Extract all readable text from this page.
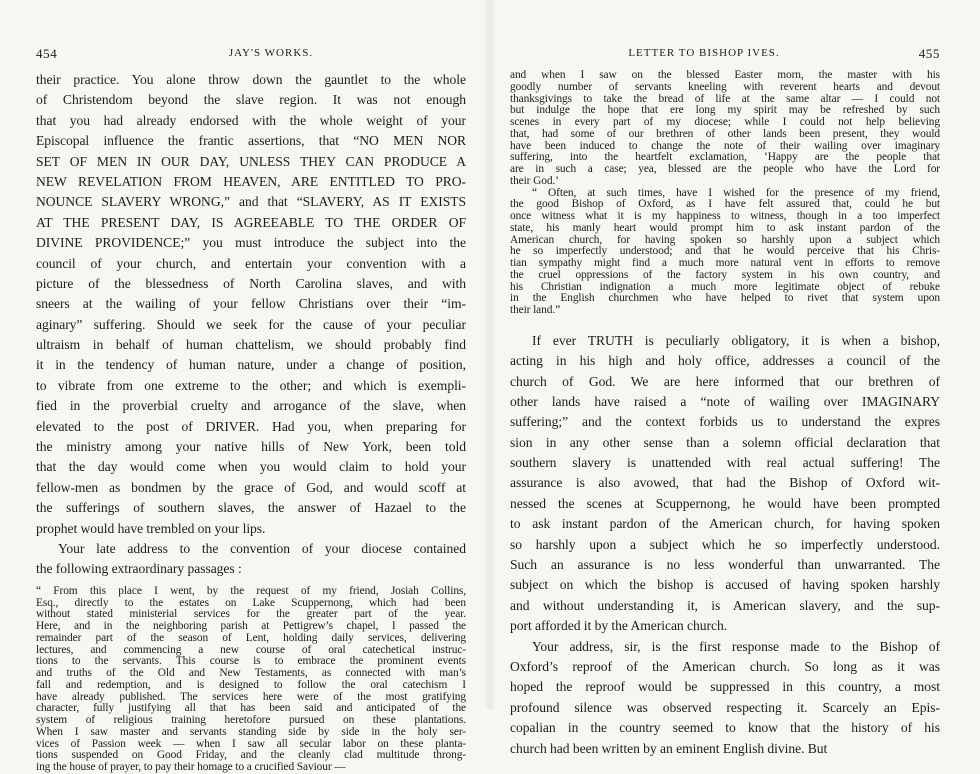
454	JAY'S WORKS.
their practice. You alone throw down the gauntlet to the whole
of Christendom beyond the slave region. It was not enough
that you had already endorsed with the whole weight of your
Episcopal influence the frantic assertions, that “NO MEN NOR
SET OF MEN IN OUR DAY, UNLESS THEY CAN PRODUCE A
NEW REVELATION FROM HEAVEN, ARE ENTITLED TO PRO-
NOUNCE SLAVERY WRONG,” and that “SLAVERY, AS IT EXISTS
AT THE PRESENT DAY, IS AGREEABLE TO THE ORDER OF
DIVINE PROVIDENCE;” you must introduce the subject into the
council of your church, and entertain your convention with a
picture of the blessedness of North Carolina slaves, and with
sneers at the wailing of your fellow Christians over their “im-
aginary” suffering. Should we seek for the cause of your peculiar
ultraism in behalf of human chattelism, we should probably find
it in the tendency of human nature, under a change of position,
to vibrate from one extreme to the other; and which is exempli-
fied in the proverbial cruelty and arrogance of the slave, when
elevated to the post of DRIVER. Had you, when preparing for
the ministry among your native hills of New York, been told
that the day would come when you would claim to hold your
fellow-men as bondmen by the grace of God, and would scoff at
the sufferings of southern slaves, the answer of Hazael to the
prophet would have trembled on your lips.
Your late address to the convention of your diocese contained
the following extraordinary passages :
“ From this place I went, by the request of my friend, Josiah Collins,
Esq., directly to the estates on Lake Scuppernong, which had been
without stated ministerial services for the greater part of the year.
Here, and in the neighboring parish at Pettigrew’s chapel, I passed the
remainder part of the season of Lent, holding daily services, delivering
lectures, and commencing a new course of oral catechetical instruc-
tions to the servants. This course is to embrace the prominent events
and truths of the Old and New Testaments, as connected with man’s
fall and redemption, and is designed to follow the oral catechism I
have already published. The services here were of the most gratifying
character, fully justifying all that has been said and anticipated of the
system of religious training heretofore pursued on these plantations.
When I saw master and servants standing side by side in the holy ser-
vices of Passion week — when I saw all secular labor on these planta-
tions suspended on Good Friday, and the cleanly clad multitude throng-
ing the house of prayer, to pay their homage to a crucified Saviour —
LETTER TO BISHOP IVES.	455
and when I saw on the blessed Easter morn, the master with his
goodly number of servants kneeling with reverent hearts and devout
thanksgivings to take the bread of life at the same altar — I could not
but indulge the hope that ere long my spirit may be refreshed by such
scenes in every part of my diocese; while I could not help believing
that, had some of our brethren of other lands been present, they would
have been induced to change the note of their wailing over imaginary
suffering, into the heartfelt exclamation, ‘Happy are the people that
are in such a case; yea, blessed are the people who have the Lord for
their God.’
“ Often, at such times, have I wished for the presence of my friend,
the good Bishop of Oxford, as I have felt assured that, could he but
once witness what it is my happiness to witness, though in a too imperfect
state, his manly heart would prompt him to ask instant pardon of the
American church, for having spoken so harshly upon a subject which
he so imperfectly understood; and that he would perceive that his Chris-
tian sympathy might find a much more natural vent in efforts to remove
the cruel oppressions of the factory system in his own country, and
his Christian indignation a much more legitimate object of rebuke
in the English churchmen who have helped to rivet that system upon
their land.”
If ever TRUTH is peculiarly obligatory, it is when a bishop,
acting in his high and holy office, addresses a council of the
church of God. We are here informed that our brethren of
other lands have raised a “note of wailing over IMAGINARY
suffering;” and the context forbids us to understand the expres
sion in any other sense than a solemn official declaration that
southern slavery is unattended with real actual suffering! The
assurance is also avowed, that had the Bishop of Oxford wit-
nessed the scenes at Scuppernong, he would have been prompted
to ask instant pardon of the American church, for having spoken
so harshly upon a subject which he so imperfectly understood.
Such an assurance is no less wonderful than unwarranted. The
subject on which the bishop is accused of having spoken harshly
and without understanding it, is American slavery, and the sup-
port afforded it by the American church.
Your address, sir, is the first response made to the Bishop of
Oxford’s reproof of the American church. So long as it was
hoped the reproof would be suppressed in this country, a most
profound silence was observed respecting it. Scarcely an Epis-
copalian in the country seemed to know that the history of his
church had been written by an eminent English divine. But
